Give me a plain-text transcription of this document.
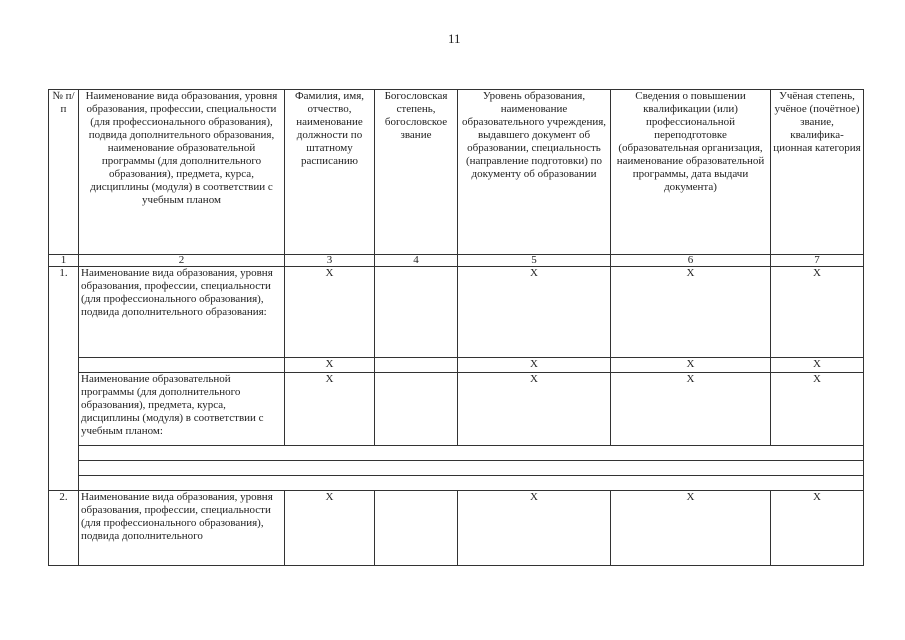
11
№ п/п	Наименование вида образования, уровня образования, профессии, специальности (для профессионального образования), подвида дополнительного образования, наименование образовательной программы (для дополнительного образования), предмета, курса, дисциплины (модуля) в соответствии с учебным планом	Фамилия, имя, отчество, наименование должности по штатному расписанию	Богословская степень, богословское звание	Уровень образования, наименование образовательного учреждения, выдавшего документ об образовании, специальность (направление подготовки) по документу об образовании	Сведения о повышении квалификации (или) профессиональной переподготовке (образовательная организация, наименование образовательной программы, дата выдачи документа)	Учёная степень, учёное (почётное) звание, квалифика-ционная категория
1	2	3	4	5	6	7
1.	Наименование вида образования, уровня образования, профессии, специальности (для профессионального образования), подвида дополнительного образования:	X		X	X	X
		X		X	X	X
	Наименование образовательной программы (для дополнительного образования), предмета, курса, дисциплины (модуля) в соответствии с учебным планом:	X		X	X	X

2.	Наименование вида образования, уровня образования, профессии, специальности (для профессионального образования), подвида дополнительного	X		X	X	X
